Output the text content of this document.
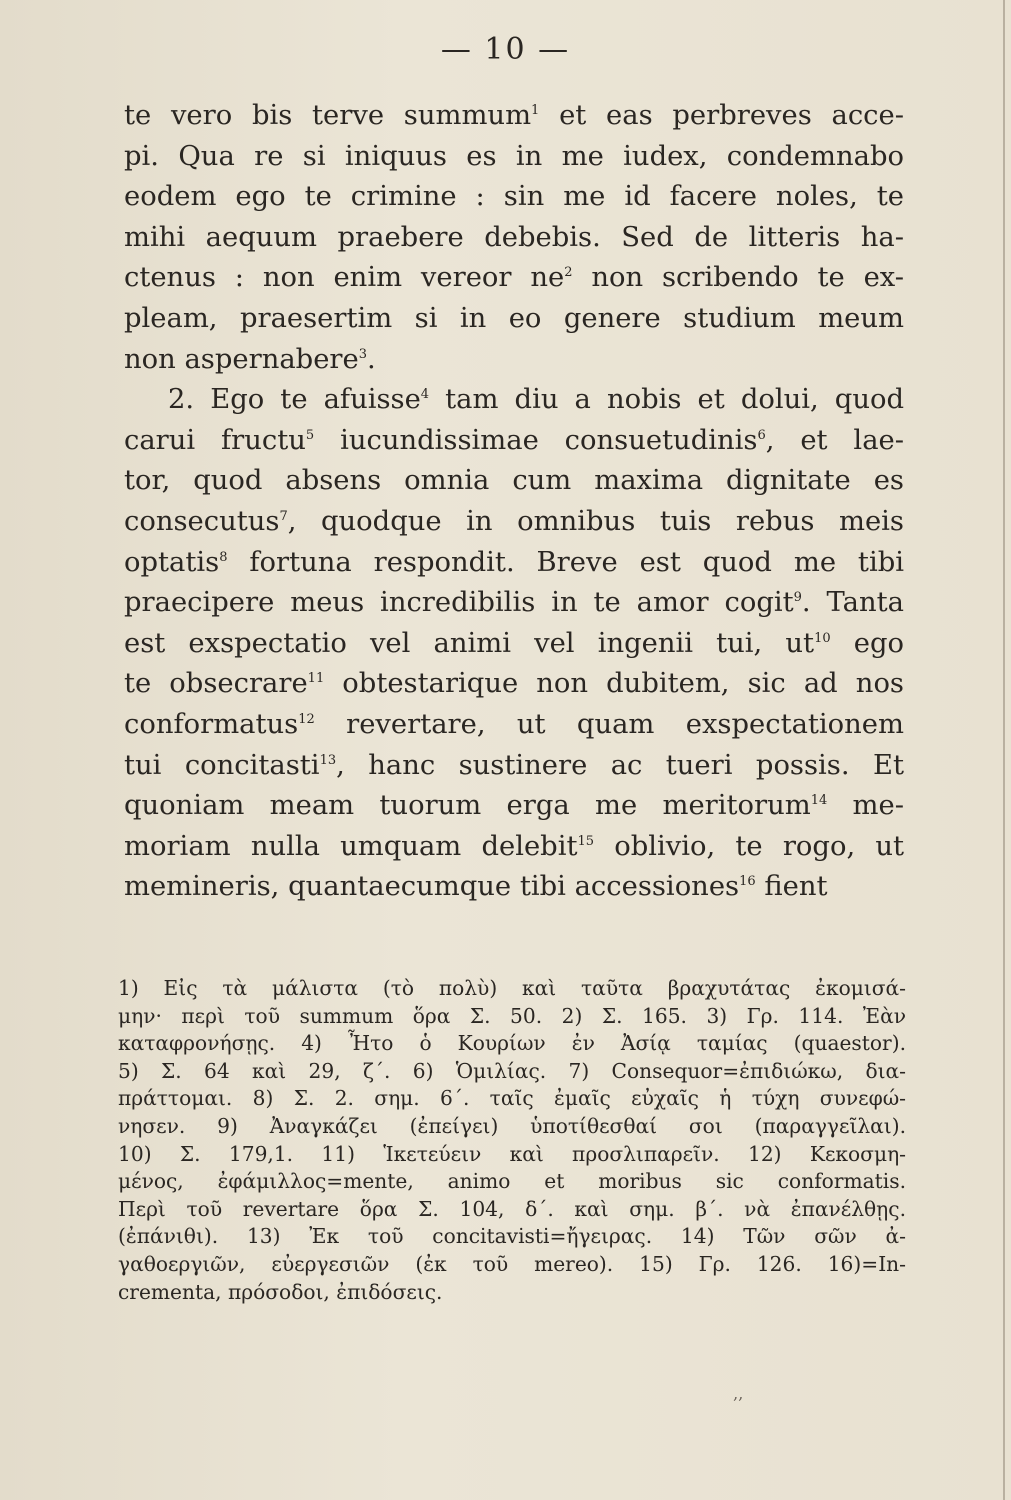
— 10 —
te vero bis terve summum$^1$ et eas perbreves acce-
pi. Qua re si iniquus es in me iudex, condemnabo
eodem ego te crimine : sin me id facere noles, te
mihi aequum praebere debebis. Sed de litteris ha-
ctenus : non enim vereor $ne^2$ non scribendo te ex-
pleam, praesertim si in eo genere studium meum
non aspernabere$^3$.
2. Ego te afuisse$^4$ tam diu a nobis et dolui, quod
carui fructu$^5$ iucundissimae consuetudinis$^6$, et lae-
tor, quod absens omnia cum maxima dignitate es
consecutus$^7$, quodque in omnibus tuis rebus meis
optatis$^8$ fortuna respondit. Breve est quod me tibi
praecipere meus incredibilis in te amor cogit$^9$. Tanta
est exspectatio vel animi vel ingenii tui, $ut^{10}$ ego
te obsecrare$^{11}$ obtestarique non dubitem, sic ad nos
conformatus$^{12}$ revertare, ut quam exspectationem
tui concitasti$^{13}$, hanc sustinere ac tueri possis. Et
quoniam meam tuorum erga me meritorum$^{14}$ me-
moriam nulla umquam delebit$^{15}$ oblivio, te rogo, ut
memineris, quantaecumque tibi accessiones$^{16}$ fient
1) Εἰς τὰ μάλιστα (τὸ πολὺ) καὶ ταῦτα βραχυτάτας ἐκομισά-
μην· περὶ τοῦ summum ὅρα Σ. 50. 2) Σ. 165. 3) Γρ. 114. Ἐὰν
καταφρονήσῃς. 4) Ἦτο ὁ Κουρίων ἐν Ἀσίᾳ ταμίας (quaestor).
5) Σ. 64 καὶ 29, ζ΄. 6) Ὁμιλίας. 7) Consequor=ἐπιδιώκω, δια-
πράττομαι. 8) Σ. 2. σημ. 6΄. ταῖς ἐμαῖς εὐχαῖς ἡ τύχη συνεφώ-
νησεν. 9) Ἀναγκάζει (ἐπείγει) ὑποτίθεσθαί σοι (παραγγεῖλαι).
10) Σ. 179,1. 11) Ἱκετεύειν καὶ προσλιπαρεῖν. 12) Κεκοσμη-
μένος, ἐφάμιλλος=mente, animo et moribus sic conformatis.
Περὶ τοῦ revertare ὅρα Σ. 104, δ΄. καὶ σημ. β΄. νὰ ἐπανέλθῃς.
(ἐπάνιθι). 13) Ἐκ τοῦ concitavisti=ἤγειρας. 14) Τῶν σῶν ἀ-
γαθοεργιῶν, εὐεργεσιῶν (ἐκ τοῦ mereo). 15) Γρ. 126. 16)=In-
crementa, πρόσοδοι, ἐπιδόσεις.
‚‚
